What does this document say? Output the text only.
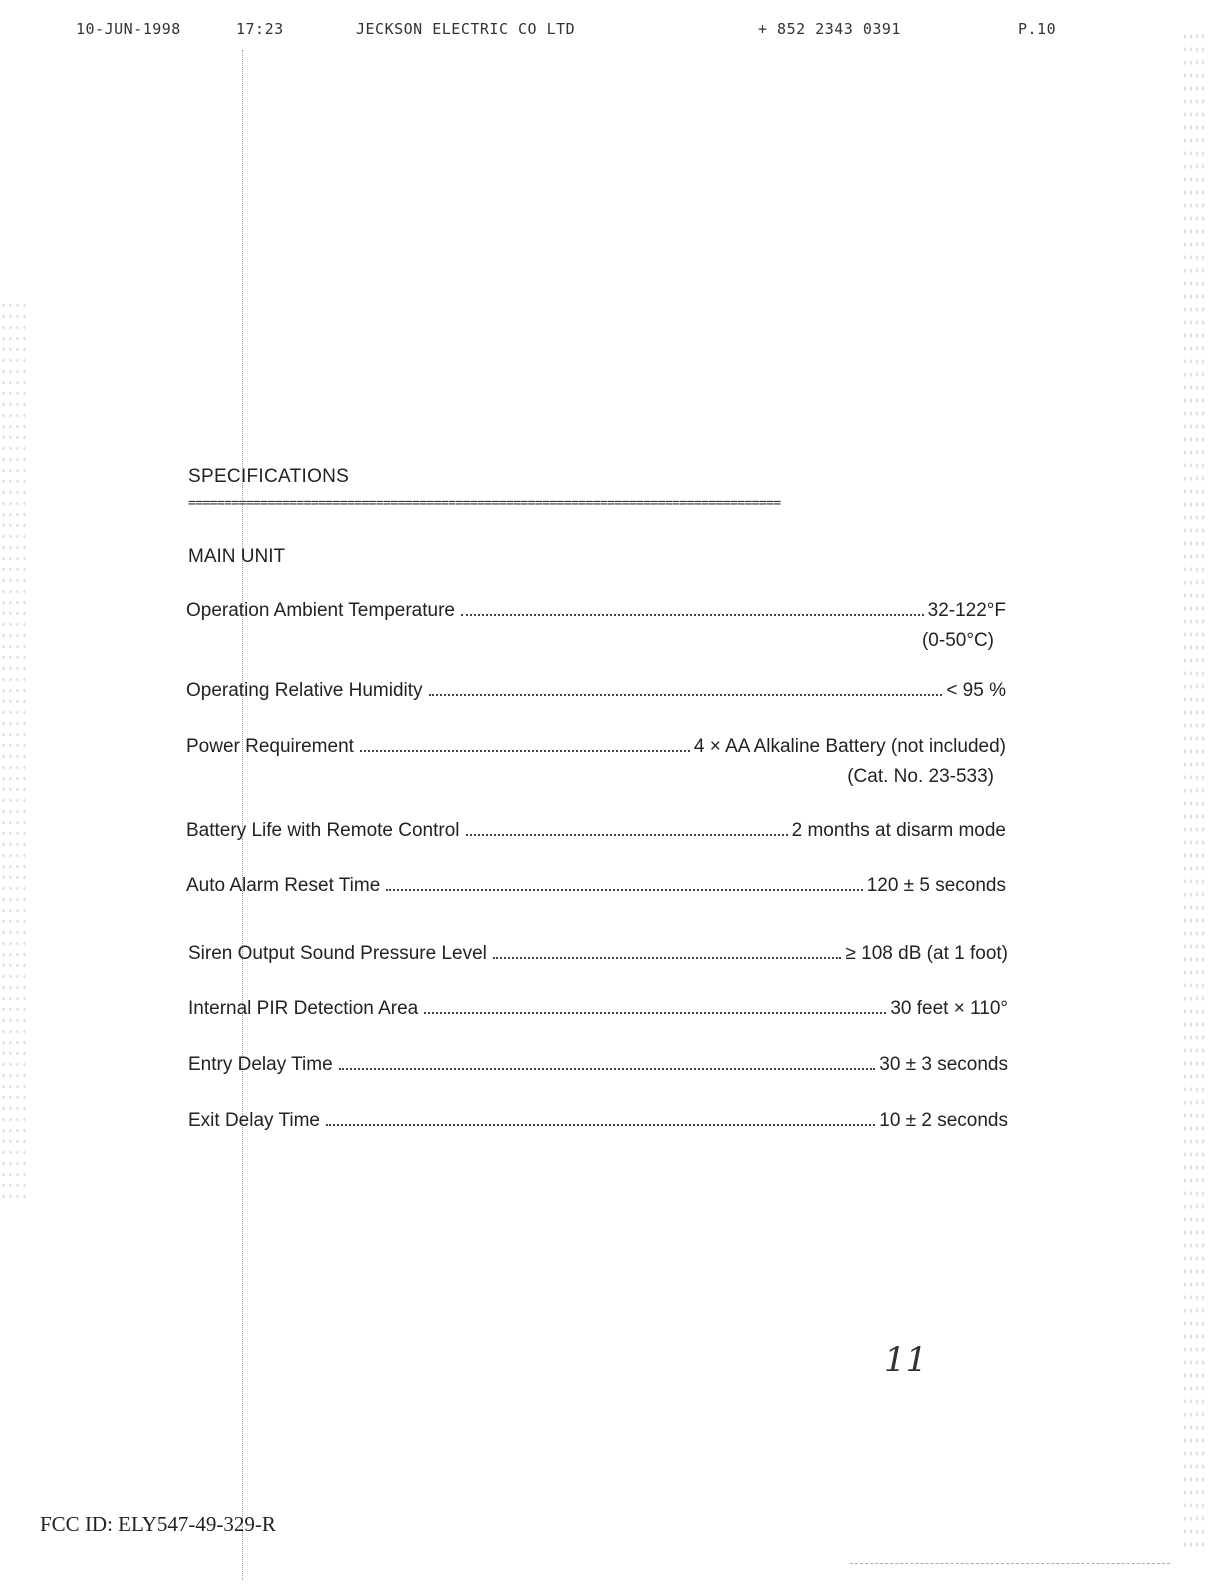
10-JUN-1998	17:23	JECKSON ELECTRIC CO LTD	+ 852 2343 0391	P.10
SPECIFICATIONS
==================================================================================
MAIN UNIT
Operation Ambient Temperature	32-122°F
(0-50°C)
Operating Relative Humidity	< 95 %
Power Requirement	4 × AA Alkaline Battery (not included)
(Cat. No. 23-533)
Battery Life with Remote Control	2 months at disarm mode
Auto Alarm Reset Time	120 ± 5 seconds
Siren Output Sound Pressure Level	≥ 108 dB (at 1 foot)
Internal PIR Detection Area	30 feet × 110°
Entry Delay Time	30 ± 3 seconds
Exit Delay Time	10 ± 2 seconds
11
FCC ID: ELY547-49-329-R
